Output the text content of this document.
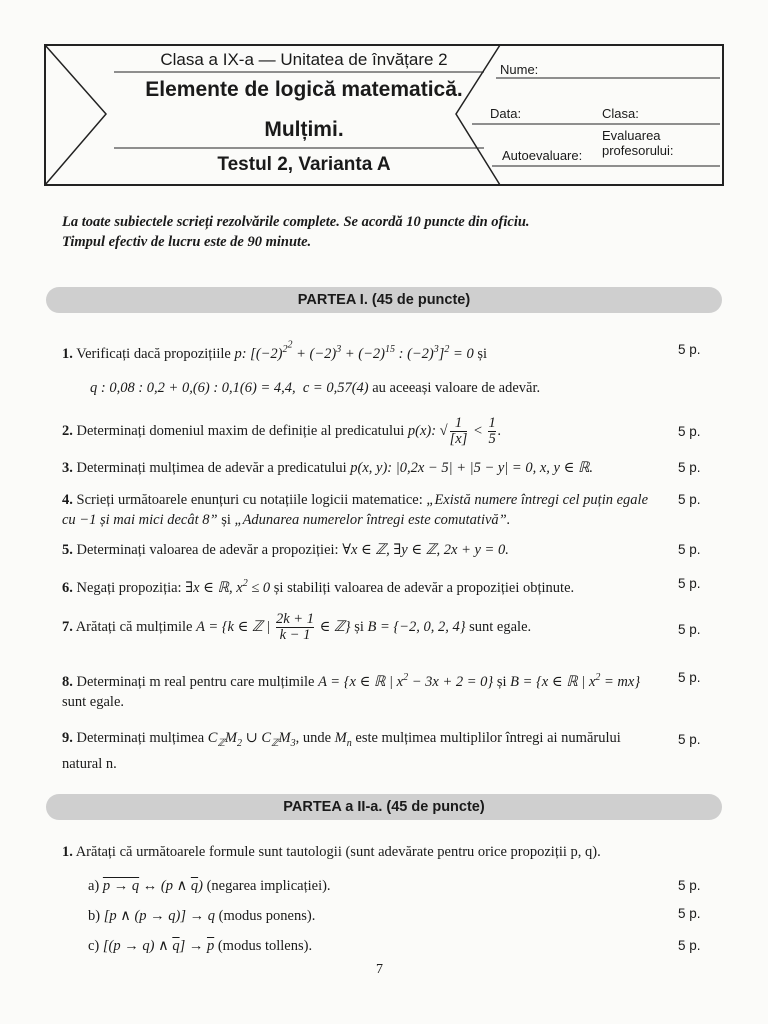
Clasa a IX-a — Unitatea de învățare 2
Elemente de logică matematică.
Mulțimi.
Testul 2, Varianta A
Nume:
Data:	Clasa:
Autoevaluare:
Evaluarea
profesorului:
La toate subiectele scrieți rezolvările complete. Se acordă 10 puncte din oficiu.
Timpul efectiv de lucru este de 90 minute.
PARTEA I. (45 de puncte)
1. Verificați dacă propozițiile p: [$(-2)^{2^2} + (-2)^3 + (-2)^{15}$ : $(-2)^3]^2 = 0$ și
q : 0,08 : 0,2 + 0,(6) : 0,1(6) = 4,4,  c = 0,57(4) au aceeași valoare de adevăr.
5 p.
2. Determinați domeniul maxim de definiție al predicatului p(x): √ $\frac{1}{[x]} < \frac{1}{5}$ .	5 p.
3. Determinați mulțimea de adevăr a predicatului p(x, y): |0,2x − 5| + |5 − y| = 0, x, y ∈ ℝ.	5 p.
4. Scrieți următoarele enunțuri cu notațiile logicii matematice: „Există numere întregi cel puțin egale cu −1 și mai mici decât 8” și „Adunarea numerelor întregi este comutativă”.
5 p.
5. Determinați valoarea de adevăr a propoziției: ∀x ∈ ℤ, ∃y ∈ ℤ, 2x + y = 0.	5 p.
6. Negați propoziția: ∃x ∈ ℝ, $x^2 \le 0$ și stabiliți valoarea de adevăr a propoziției obținute.	5 p.
7. Arătați că mulțimile A = {k ∈ ℤ | $\frac{2k + 1}{k - 1}$ ∈ ℤ} și B = {−2, 0, 2, 4} sunt egale.	5 p.
8. Determinați m real pentru care mulțimile A = {x ∈ ℝ | $x^2 - 3x + 2 = 0$} și B = {x ∈ ℝ | $x^2 = mx$} sunt egale.
5 p.
9. Determinați mulțimea $C_ℤM_2$ ∪ $C_ℤM_3$, unde $M_n$ este mulțimea multiplilor întregi ai numărului natural n.
5 p.
PARTEA a II-a. (45 de puncte)
1. Arătați că următoarele formule sunt tautologii (sunt adevărate pentru orice propoziții p, q).
a) p → q ↔ (p ∧ $\overline{q}$) (negarea implicației).	5 p.
b) [p ∧ (p → q)] → q (modus ponens).	5 p.
c) [(p → q) ∧ $\overline{q}] \to \overline{p}$ (modus tollens).	5 p.
7
